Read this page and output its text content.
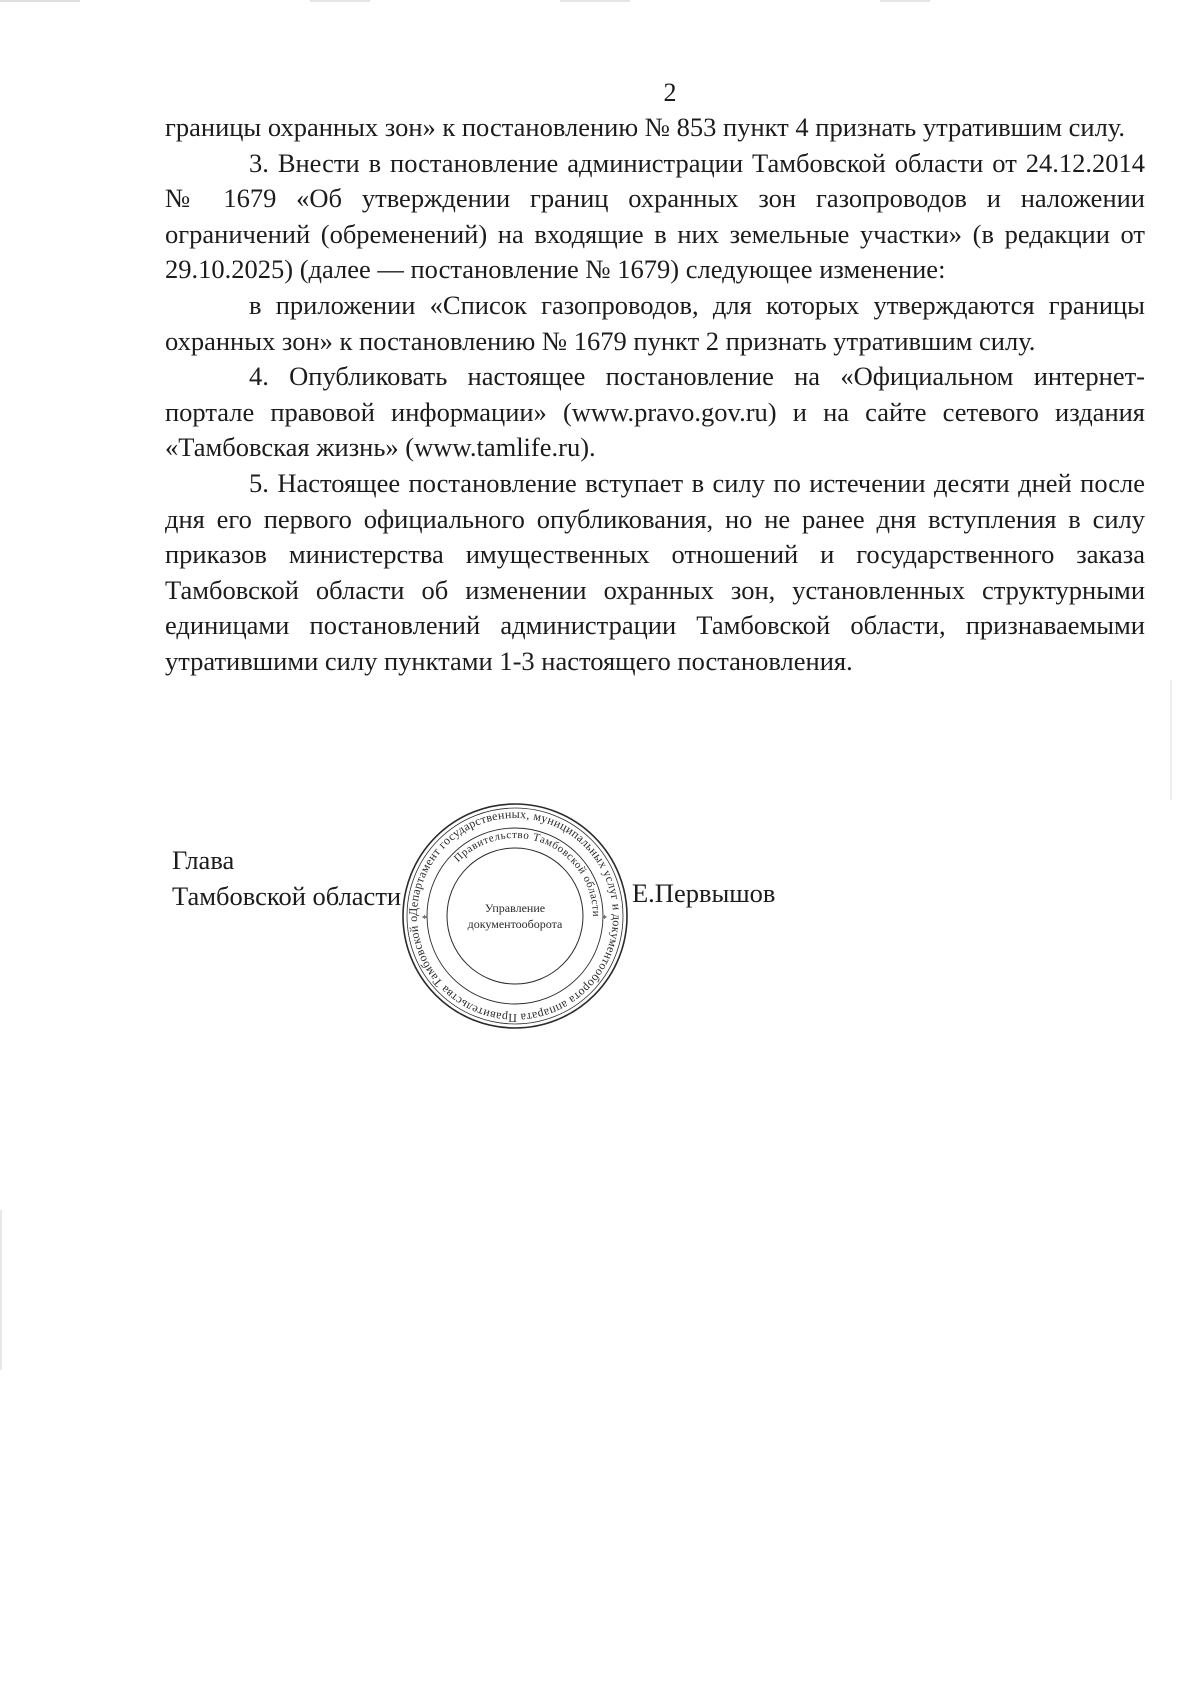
2

границы охранных зон» к постановлению № 853 пункт 4 признать утратившим силу.

3. Внести в постановление администрации Тамбовской области от 24.12.2014 № 1679 «Об утверждении границ охранных зон газопроводов и наложении ограничений (обременений) на входящие в них земельные участки» (в редакции от 29.10.2025) (далее — постановление № 1679) следующее изменение:

в приложении «Список газопроводов, для которых утверждаются границы охранных зон» к постановлению № 1679 пункт 2 признать утратившим силу.

4. Опубликовать настоящее постановление на «Официальном интернет-портале правовой информации» (www.pravo.gov.ru) и на сайте сетевого издания «Тамбовская жизнь» (www.tamlife.ru).

5. Настоящее постановление вступает в силу по истечении десяти дней после дня его первого официального опубликования, но не ранее дня вступления в силу приказов министерства имущественных отношений и государственного заказа Тамбовской области об изменении охранных зон, установленных структурными единицами постановлений администрации Тамбовской области, признаваемыми утратившими силу пунктами 1-3 настоящего постановления.

Глава
Тамбовской области	Е.Первышов
Департамент государственных, муниципальных услуг и документооборота аппарата Правительства Тамбовской о
Правительство Тамбовской области
Управление
документооборота
*	*
